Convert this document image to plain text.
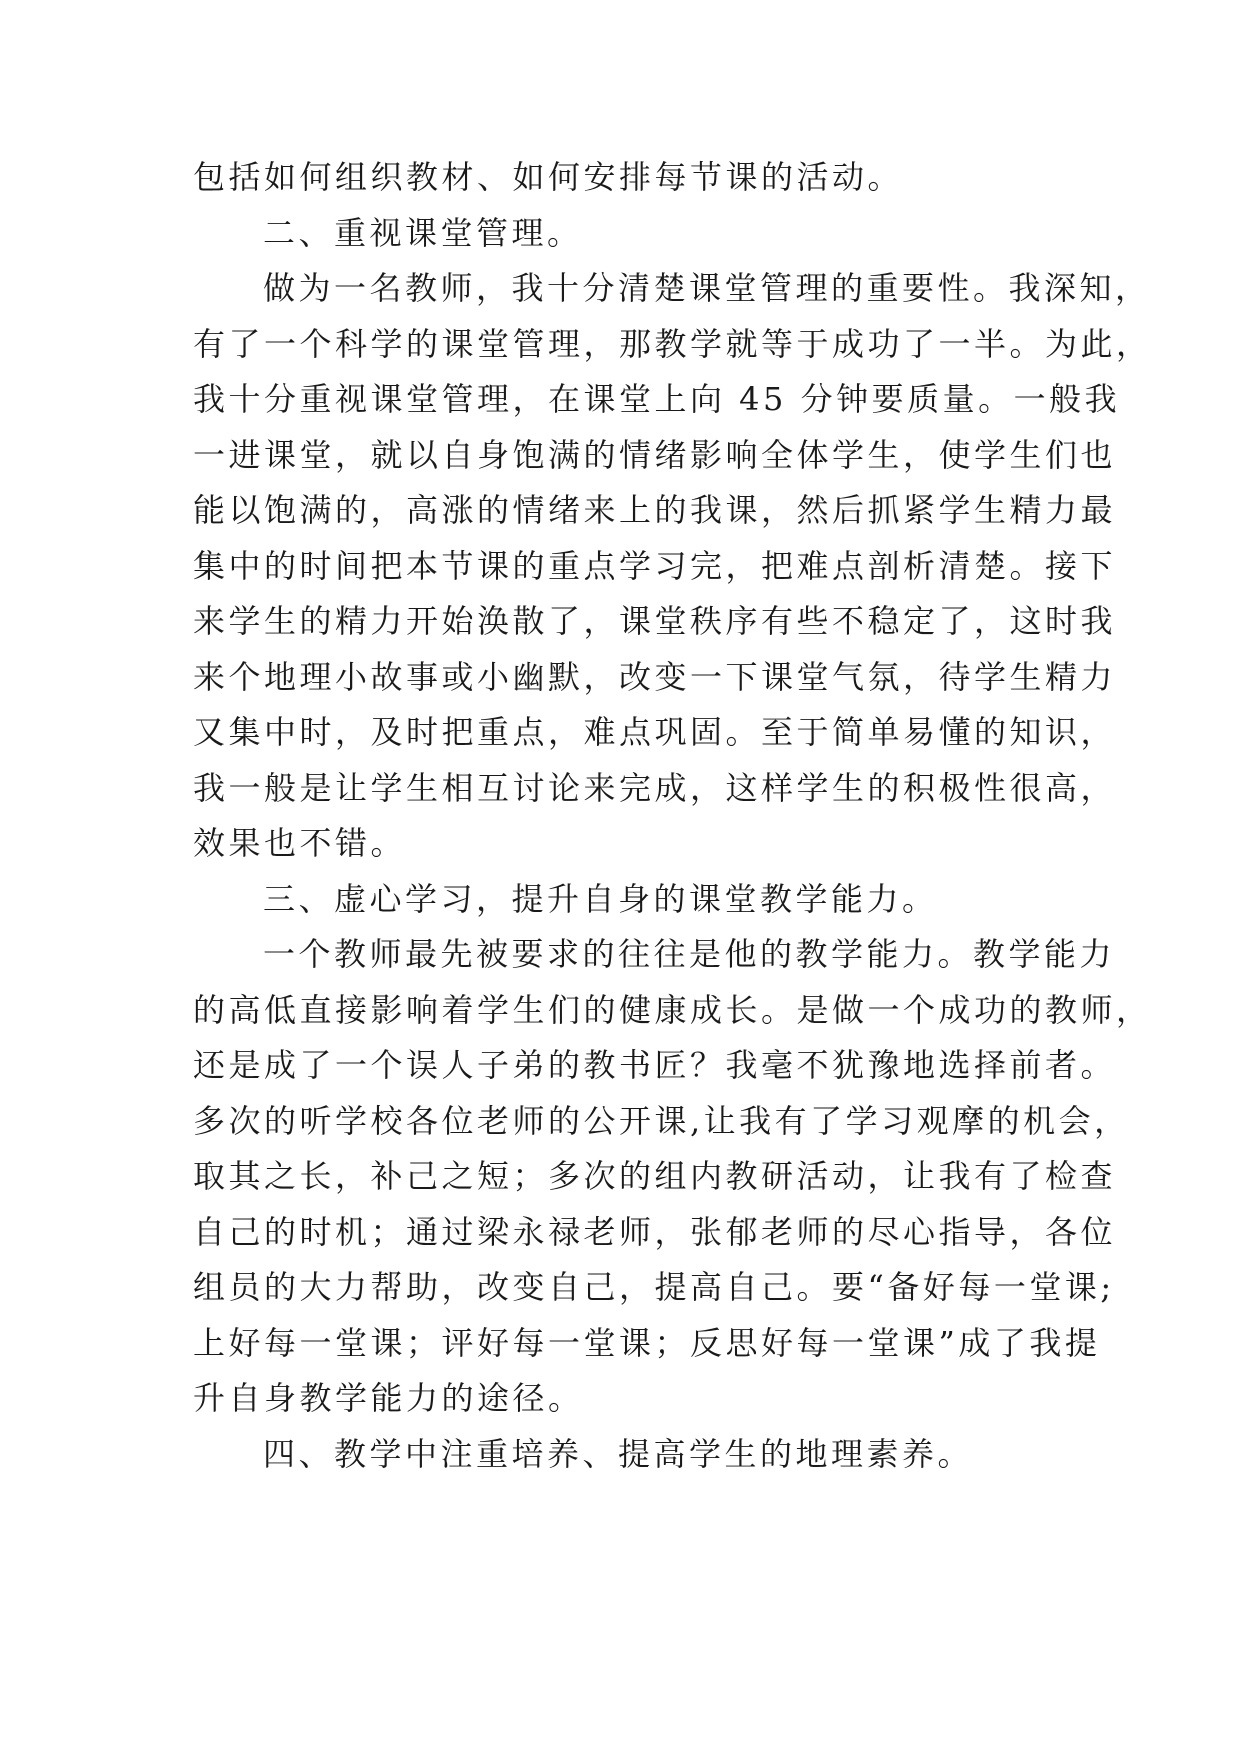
包括如何组织教材、如何安排每节课的活动。
二、重视课堂管理。
做为一名教师，我十分清楚课堂管理的重要性。我深知，
有了一个科学的课堂管理，那教学就等于成功了一半。为此，
我十分重视课堂管理，在课堂上向 45 分钟要质量。一般我
一进课堂，就以自身饱满的情绪影响全体学生，使学生们也
能以饱满的，高涨的情绪来上的我课，然后抓紧学生精力最
集中的时间把本节课的重点学习完，把难点剖析清楚。接下
来学生的精力开始涣散了，课堂秩序有些不稳定了，这时我
来个地理小故事或小幽默，改变一下课堂气氛，待学生精力
又集中时，及时把重点，难点巩固。至于简单易懂的知识，
我一般是让学生相互讨论来完成，这样学生的积极性很高，
效果也不错。
三、虚心学习，提升自身的课堂教学能力。
一个教师最先被要求的往往是他的教学能力。教学能力
的高低直接影响着学生们的健康成长。是做一个成功的教师，
还是成了一个误人子弟的教书匠？我毫不犹豫地选择前者。
多次的听学校各位老师的公开课,让我有了学习观摩的机会，
取其之长，补己之短；多次的组内教研活动，让我有了检查
自己的时机；通过梁永禄老师，张郁老师的尽心指导，各位
组员的大力帮助，改变自己，提高自己。要“备好每一堂课;
上好每一堂课；评好每一堂课；反思好每一堂课”成了我提
升自身教学能力的途径。
四、教学中注重培养、提高学生的地理素养。
